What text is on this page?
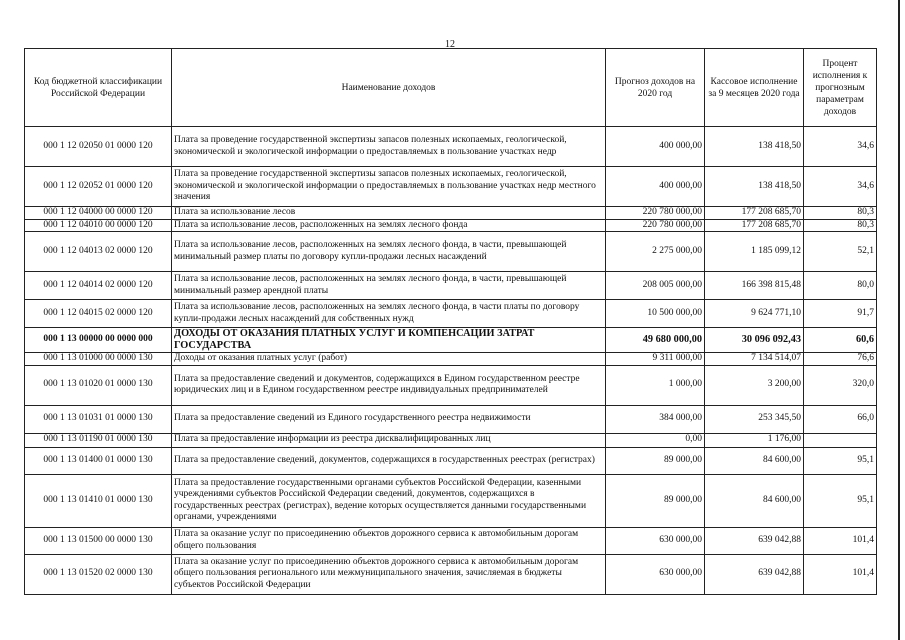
12
Код бюджетной классификации Российской Федерации	Наименование доходов	Прогноз доходов на 2020 год	Кассовое исполнение за 9 месяцев 2020 года	Процент исполнения к прогнозным параметрам доходов
000 1 12 02050 01 0000 120	Плата за проведение государственной экспертизы запасов полезных ископаемых, геологической, экономической и экологической информации о предоставляемых в пользование участках недр	400 000,00	138 418,50	34,6
000 1 12 02052 01 0000 120	Плата за проведение государственной экспертизы запасов полезных ископаемых, геологической, экономической и экологической информации о предоставляемых в пользование участках недр местного значения	400 000,00	138 418,50	34,6
000 1 12 04000 00 0000 120	Плата за использование лесов	220 780 000,00	177 208 685,70	80,3
000 1 12 04010 00 0000 120	Плата за использование лесов, расположенных на землях лесного фонда	220 780 000,00	177 208 685,70	80,3
000 1 12 04013 02 0000 120	Плата за использование лесов, расположенных на землях лесного фонда, в части, превышающей минимальный размер платы по договору купли-продажи лесных насаждений	2 275 000,00	1 185 099,12	52,1
000 1 12 04014 02 0000 120	Плата за использование лесов, расположенных на землях лесного фонда, в части, превышающей минимальный размер арендной платы	208 005 000,00	166 398 815,48	80,0
000 1 12 04015 02 0000 120	Плата за использование лесов, расположенных на землях лесного фонда, в части платы по договору купли-продажи лесных насаждений для собственных нужд	10 500 000,00	9 624 771,10	91,7
000 1 13 00000 00 0000 000	ДОХОДЫ ОТ ОКАЗАНИЯ ПЛАТНЫХ УСЛУГ И КОМПЕНСАЦИИ ЗАТРАТ ГОСУДАРСТВА	49 680 000,00	30 096 092,43	60,6
000 1 13 01000 00 0000 130	Доходы от оказания платных услуг (работ)	9 311 000,00	7 134 514,07	76,6
000 1 13 01020 01 0000 130	Плата за предоставление сведений и документов, содержащихся в Едином государственном реестре юридических лиц и в Едином государственном реестре индивидуальных предпринимателей	1 000,00	3 200,00	320,0
000 1 13 01031 01 0000 130	Плата за предоставление сведений из Единого государственного реестра недвижимости	384 000,00	253 345,50	66,0
000 1 13 01190 01 0000 130	Плата за предоставление информации из реестра дисквалифицированных лиц	0,00	1 176,00	
000 1 13 01400 01 0000 130	Плата за предоставление сведений, документов, содержащихся в государственных реестрах (регистрах)	89 000,00	84 600,00	95,1
000 1 13 01410 01 0000 130	Плата за предоставление государственными органами субъектов Российской Федерации, казенными учреждениями субъектов Российской Федерации сведений, документов, содержащихся в государственных реестрах (регистрах), ведение которых осуществляется данными государственными органами, учреждениями	89 000,00	84 600,00	95,1
000 1 13 01500 00 0000 130	Плата за оказание услуг по присоединению объектов дорожного сервиса к автомобильным дорогам общего пользования	630 000,00	639 042,88	101,4
000 1 13 01520 02 0000 130	Плата за оказание услуг по присоединению объектов дорожного сервиса к автомобильным дорогам общего пользования регионального или межмуниципального значения, зачисляемая в бюджеты субъектов Российской Федерации	630 000,00	639 042,88	101,4
